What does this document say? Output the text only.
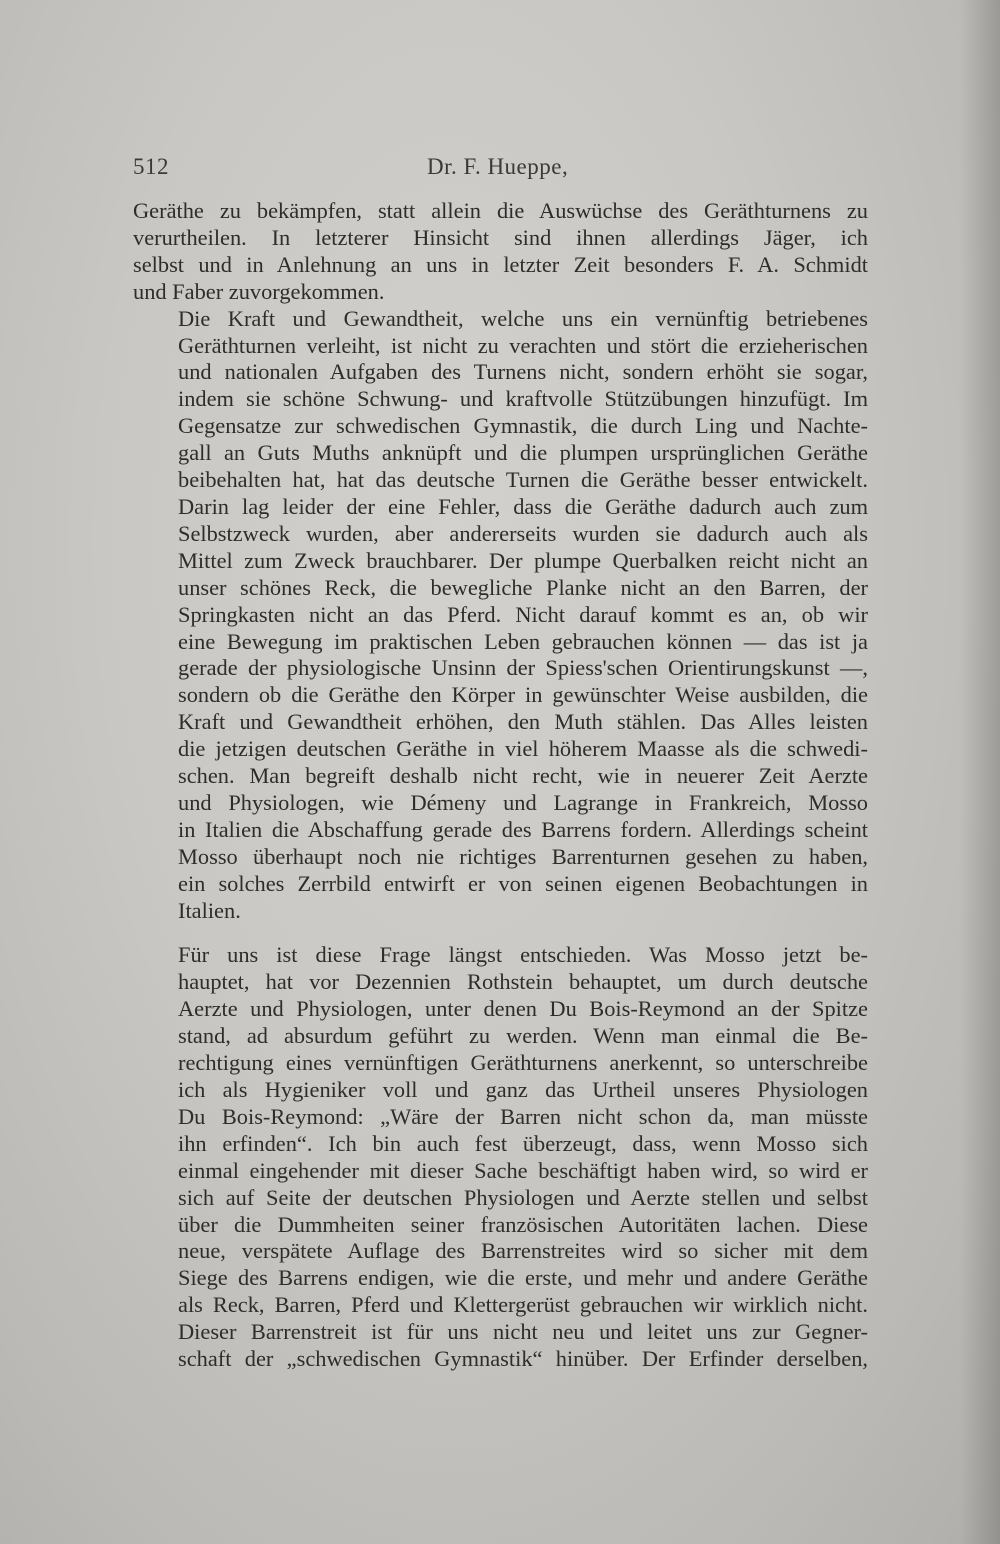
512	Dr. F. Hueppe,

Geräthe zu bekämpfen, statt allein die Auswüchse des Geräthturnens zu
verurtheilen. In letzterer Hinsicht sind ihnen allerdings Jäger, ich
selbst und in Anlehnung an uns in letzter Zeit besonders F. A. Schmidt
und Faber zuvorgekommen.

Die Kraft und Gewandtheit, welche uns ein vernünftig betriebenes
Geräthturnen verleiht, ist nicht zu verachten und stört die erzieherischen
und nationalen Aufgaben des Turnens nicht, sondern erhöht sie sogar,
indem sie schöne Schwung- und kraftvolle Stützübungen hinzufügt. Im
Gegensatze zur schwedischen Gymnastik, die durch Ling und Nachte-
gall an Guts Muths anknüpft und die plumpen ursprünglichen Geräthe
beibehalten hat, hat das deutsche Turnen die Geräthe besser entwickelt.
Darin lag leider der eine Fehler, dass die Geräthe dadurch auch zum
Selbstzweck wurden, aber andererseits wurden sie dadurch auch als
Mittel zum Zweck brauchbarer. Der plumpe Querbalken reicht nicht an
unser schönes Reck, die bewegliche Planke nicht an den Barren, der
Springkasten nicht an das Pferd. Nicht darauf kommt es an, ob wir
eine Bewegung im praktischen Leben gebrauchen können — das ist ja
gerade der physiologische Unsinn der Spiess'schen Orientirungskunst —,
sondern ob die Geräthe den Körper in gewünschter Weise ausbilden, die
Kraft und Gewandtheit erhöhen, den Muth stählen. Das Alles leisten
die jetzigen deutschen Geräthe in viel höherem Maasse als die schwedi-
schen. Man begreift deshalb nicht recht, wie in neuerer Zeit Aerzte
und Physiologen, wie Démeny und Lagrange in Frankreich, Mosso
in Italien die Abschaffung gerade des Barrens fordern. Allerdings scheint
Mosso überhaupt noch nie richtiges Barrenturnen gesehen zu haben,
ein solches Zerrbild entwirft er von seinen eigenen Beobachtungen in
Italien.

Für uns ist diese Frage längst entschieden. Was Mosso jetzt be-
hauptet, hat vor Dezennien Rothstein behauptet, um durch deutsche
Aerzte und Physiologen, unter denen Du Bois-Reymond an der Spitze
stand, ad absurdum geführt zu werden. Wenn man einmal die Be-
rechtigung eines vernünftigen Geräthturnens anerkennt, so unterschreibe
ich als Hygieniker voll und ganz das Urtheil unseres Physiologen
Du Bois-Reymond: „Wäre der Barren nicht schon da, man müsste
ihn erfinden“. Ich bin auch fest überzeugt, dass, wenn Mosso sich
einmal eingehender mit dieser Sache beschäftigt haben wird, so wird er
sich auf Seite der deutschen Physiologen und Aerzte stellen und selbst
über die Dummheiten seiner französischen Autoritäten lachen. Diese
neue, verspätete Auflage des Barrenstreites wird so sicher mit dem
Siege des Barrens endigen, wie die erste, und mehr und andere Geräthe
als Reck, Barren, Pferd und Klettergerüst gebrauchen wir wirklich nicht.

Dieser Barrenstreit ist für uns nicht neu und leitet uns zur Gegner-
schaft der „schwedischen Gymnastik“ hinüber. Der Erfinder derselben,
